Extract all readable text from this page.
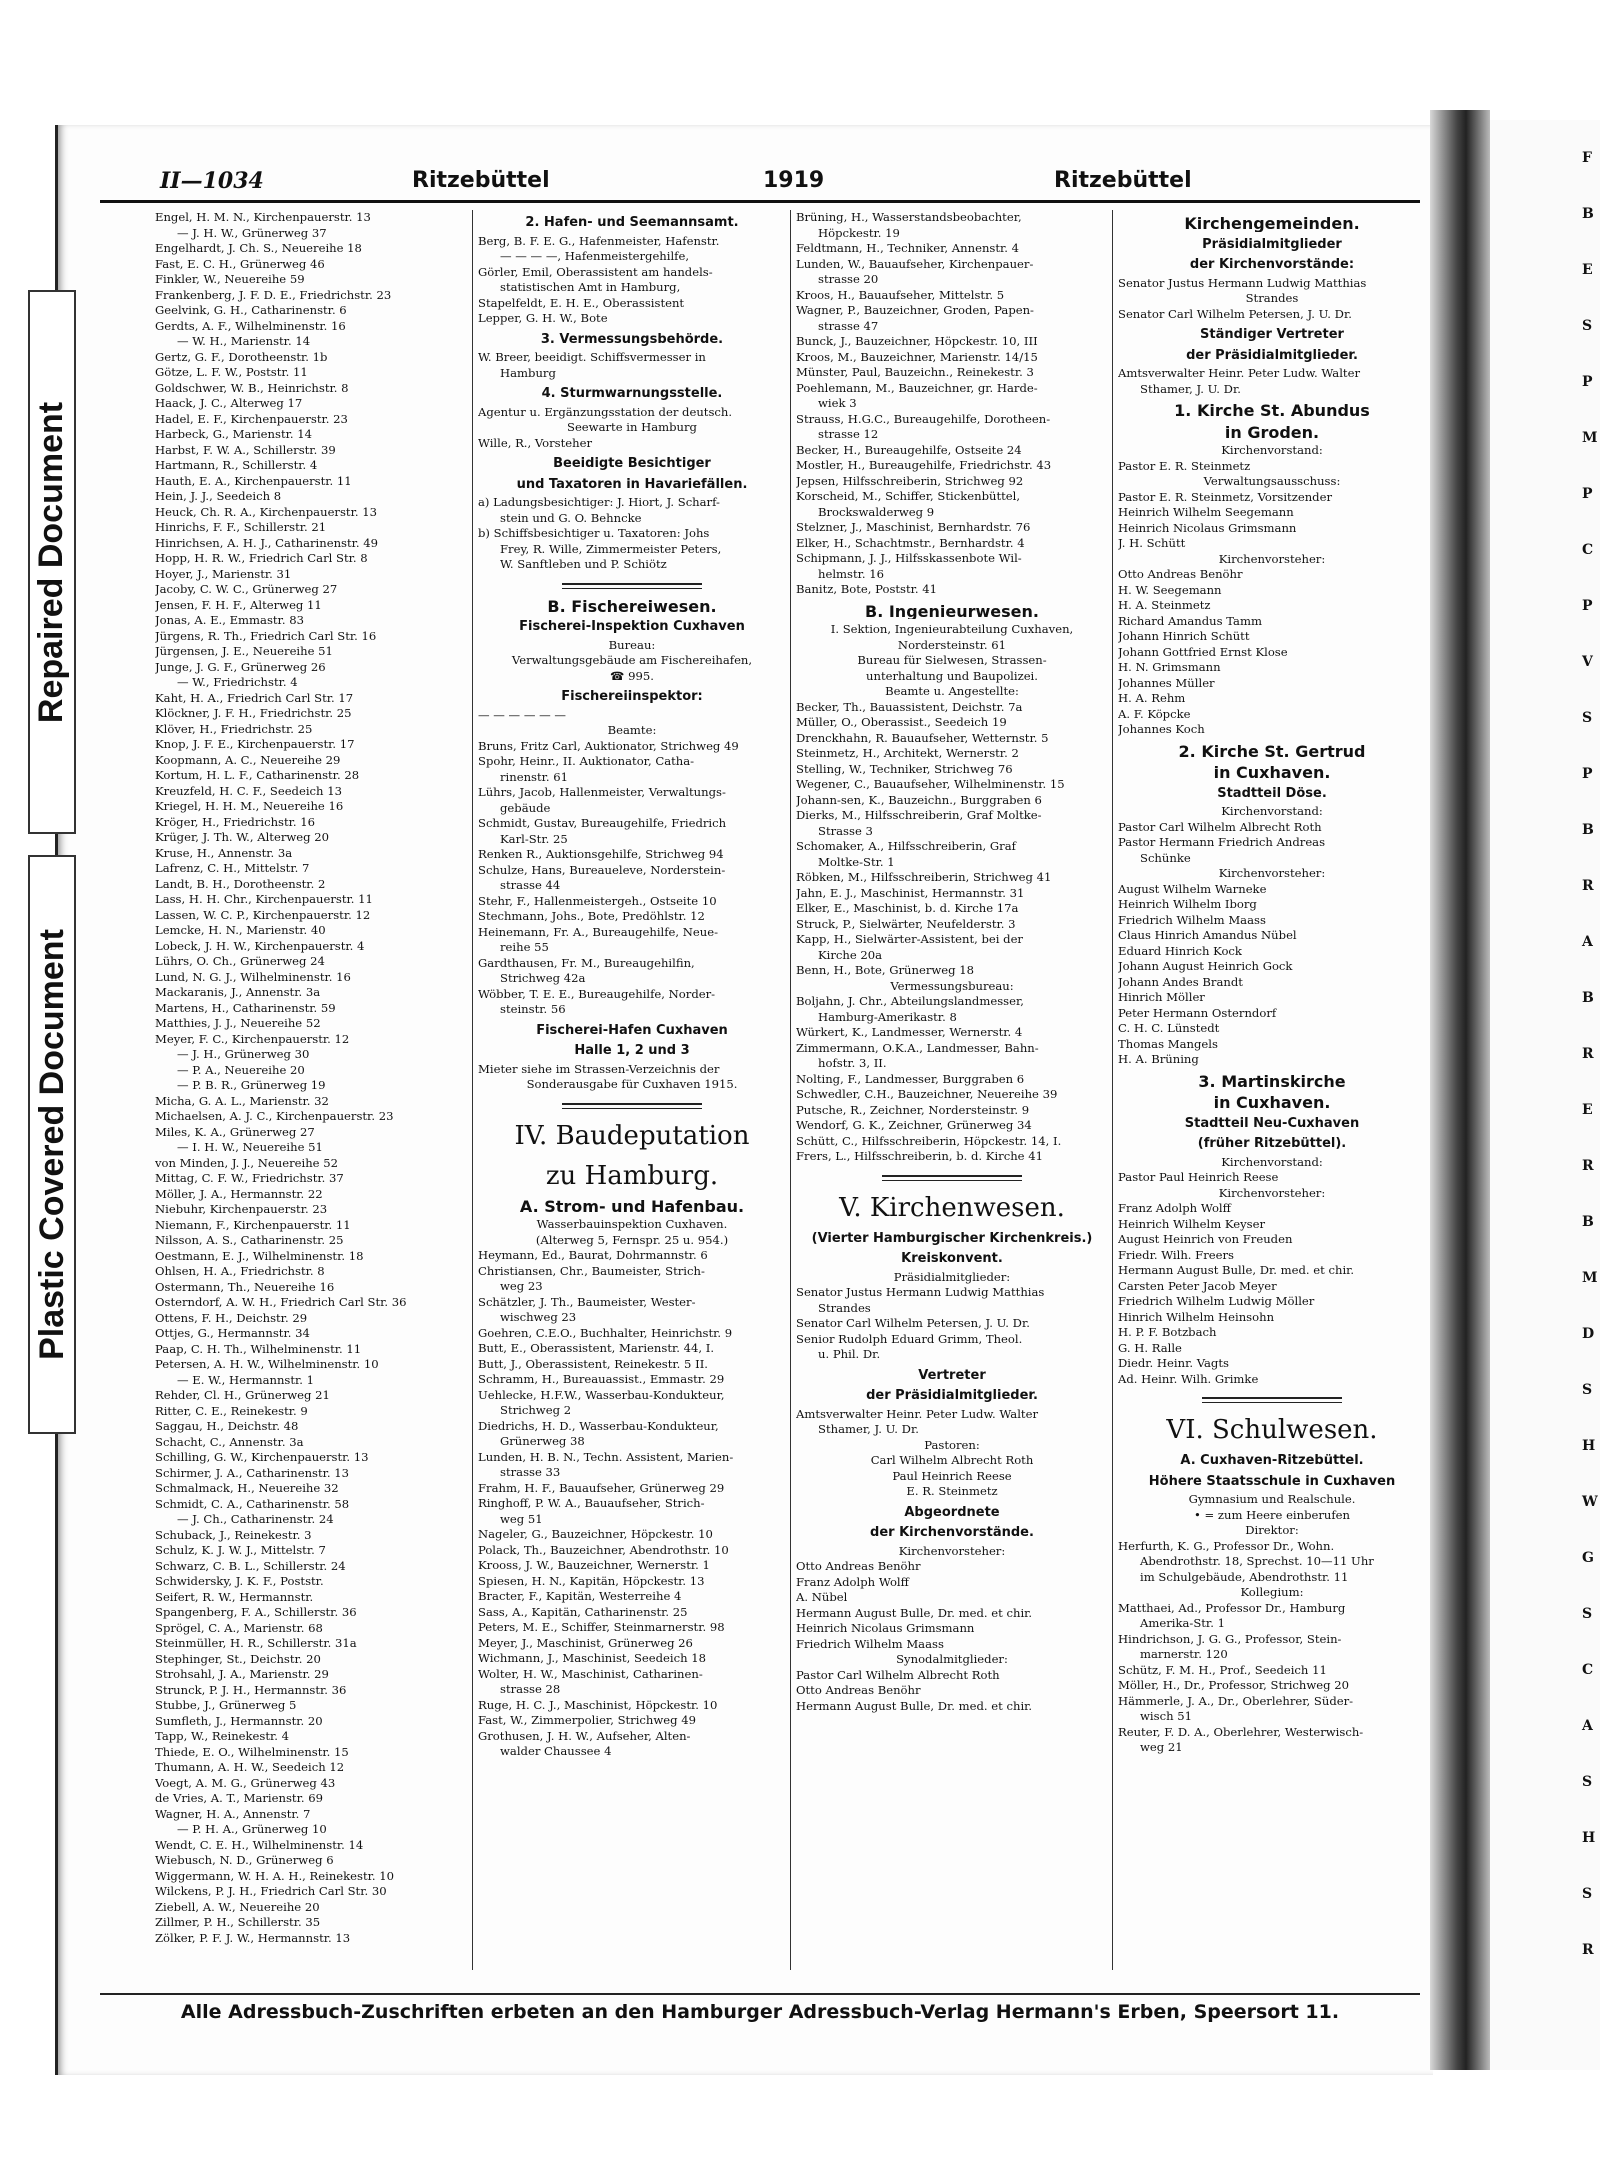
F
B
E
S
P
M
P
C
P
V
S
P
B
R
A
B
R
E
R
B
M
D
S
H
W
G
S
C
A
S
H
S
R
Repaired Document
Plastic Covered Document
II—1034	Ritzebüttel	1919	Ritzebüttel
Engel, H. M. N., Kirchenpauerstr. 13
— J. H. W., Grünerweg 37
Engelhardt, J. Ch. S., Neuereihe 18
Fast, E. C. H., Grünerweg 46
Finkler, W., Neuereihe 59
Frankenberg, J. F. D. E., Friedrichstr. 23
Geelvink, G. H., Catharinenstr. 6
Gerdts, A. F., Wilhelminenstr. 16
— W. H., Marienstr. 14
Gertz, G. F., Dorotheenstr. 1b
Götze, L. F. W., Poststr. 11
Goldschwer, W. B., Heinrichstr. 8
Haack, J. C., Alterweg 17
Hadel, E. F., Kirchenpauerstr. 23
Harbeck, G., Marienstr. 14
Harbst, F. W. A., Schillerstr. 39
Hartmann, R., Schillerstr. 4
Hauth, E. A., Kirchenpauerstr. 11
Hein, J. J., Seedeich 8
Heuck, Ch. R. A., Kirchenpauerstr. 13
Hinrichs, F. F., Schillerstr. 21
Hinrichsen, A. H. J., Catharinenstr. 49
Hopp, H. R. W., Friedrich Carl Str. 8
Hoyer, J., Marienstr. 31
Jacoby, C. W. C., Grünerweg 27
Jensen, F. H. F., Alterweg 11
Jonas, A. E., Emmastr. 83
Jürgens, R. Th., Friedrich Carl Str. 16
Jürgensen, J. E., Neuereihe 51
Junge, J. G. F., Grünerweg 26
— W., Friedrichstr. 4
Kaht, H. A., Friedrich Carl Str. 17
Klöckner, J. F. H., Friedrichstr. 25
Klöver, H., Friedrichstr. 25
Knop, J. F. E., Kirchenpauerstr. 17
Koopmann, A. C., Neuereihe 29
Kortum, H. L. F., Catharinenstr. 28
Kreuzfeld, H. C. F., Seedeich 13
Kriegel, H. H. M., Neuereihe 16
Kröger, H., Friedrichstr. 16
Krüger, J. Th. W., Alterweg 20
Kruse, H., Annenstr. 3a
Lafrenz, C. H., Mittelstr. 7
Landt, B. H., Dorotheenstr. 2
Lass, H. H. Chr., Kirchenpauerstr. 11
Lassen, W. C. P., Kirchenpauerstr. 12
Lemcke, H. N., Marienstr. 40
Lobeck, J. H. W., Kirchenpauerstr. 4
Lührs, O. Ch., Grünerweg 24
Lund, N. G. J., Wilhelminenstr. 16
Mackaranis, J., Annenstr. 3a
Martens, H., Catharinenstr. 59
Matthies, J. J., Neuereihe 52
Meyer, F. C., Kirchenpauerstr. 12
— J. H., Grünerweg 30
— P. A., Neuereihe 20
— P. B. R., Grünerweg 19
Micha, G. A. L., Marienstr. 32
Michaelsen, A. J. C., Kirchenpauerstr. 23
Miles, K. A., Grünerweg 27
— I. H. W., Neuereihe 51
von Minden, J. J., Neuereihe 52
Mittag, C. F. W., Friedrichstr. 37
Möller, J. A., Hermannstr. 22
Niebuhr, Kirchenpauerstr. 23
Niemann, F., Kirchenpauerstr. 11
Nilsson, A. S., Catharinenstr. 25
Oestmann, E. J., Wilhelminenstr. 18
Ohlsen, H. A., Friedrichstr. 8
Ostermann, Th., Neuereihe 16
Osterndorf, A. W. H., Friedrich Carl Str. 36
Ottens, F. H., Deichstr. 29
Ottjes, G., Hermannstr. 34
Paap, C. H. Th., Wilhelminenstr. 11
Petersen, A. H. W., Wilhelminenstr. 10
— E. W., Hermannstr. 1
Rehder, Cl. H., Grünerweg 21
Ritter, C. E., Reinekestr. 9
Saggau, H., Deichstr. 48
Schacht, C., Annenstr. 3a
Schilling, G. W., Kirchenpauerstr. 13
Schirmer, J. A., Catharinenstr. 13
Schmalmack, H., Neuereihe 32
Schmidt, C. A., Catharinenstr. 58
— J. Ch., Catharinenstr. 24
Schuback, J., Reinekestr. 3
Schulz, K. J. W. J., Mittelstr. 7
Schwarz, C. B. L., Schillerstr. 24
Schwidersky, J. K. F., Poststr.
Seifert, R. W., Hermannstr.
Spangenberg, F. A., Schillerstr. 36
Sprögel, C. A., Marienstr. 68
Steinmüller, H. R., Schillerstr. 31a
Stephinger, St., Deichstr. 20
Strohsahl, J. A., Marienstr. 29
Strunck, P. J. H., Hermannstr. 36
Stubbe, J., Grünerweg 5
Sumfleth, J., Hermannstr. 20
Tapp, W., Reinekestr. 4
Thiede, E. O., Wilhelminenstr. 15
Thumann, A. H. W., Seedeich 12
Voegt, A. M. G., Grünerweg 43
de Vries, A. T., Marienstr. 69
Wagner, H. A., Annenstr. 7
— P. H. A., Grünerweg 10
Wendt, C. E. H., Wilhelminenstr. 14
Wiebusch, N. D., Grünerweg 6
Wiggermann, W. H. A. H., Reinekestr. 10
Wilckens, P. J. H., Friedrich Carl Str. 30
Ziebell, A. W., Neuereihe 20
Zillmer, P. H., Schillerstr. 35
Zölker, P. F. J. W., Hermannstr. 13
2. Hafen- und Seemannsamt.
Berg, B. F. E. G., Hafenmeister, Hafenstr.
— — — —, Hafenmeistergehilfe,
Görler, Emil, Oberassistent am handels-
statistischen Amt in Hamburg,
Stapelfeldt, E. H. E., Oberassistent
Lepper, G. H. W., Bote
3. Vermessungsbehörde.
W. Breer, beeidigt. Schiffsvermesser in
Hamburg
4. Sturmwarnungsstelle.
Agentur u. Ergänzungsstation der deutsch.
Seewarte in Hamburg
Wille, R., Vorsteher
Beeidigte Besichtiger
und Taxatoren in Havariefällen.
a) Ladungsbesichtiger: J. Hiort, J. Scharf-
stein und G. O. Behncke
b) Schiffsbesichtiger u. Taxatoren: Johs
Frey, R. Wille, Zimmermeister Peters,
W. Sanftleben und P. Schiötz
B. Fischereiwesen.
Fischerei-Inspektion Cuxhaven
Bureau:
Verwaltungsgebäude am Fischereihafen,
☎ 995.
Fischereiinspektor:
— — — — — —
Beamte:
Bruns, Fritz Carl, Auktionator, Strichweg 49
Spohr, Heinr., II. Auktionator, Catha-
rinenstr. 61
Lührs, Jacob, Hallenmeister, Verwaltungs-
gebäude
Schmidt, Gustav, Bureaugehilfe, Friedrich
Karl-Str. 25
Renken R., Auktionsgehilfe, Strichweg 94
Schulze, Hans, Bureaueleve, Norderstein-
strasse 44
Stehr, F., Hallenmeistergeh., Ostseite 10
Stechmann, Johs., Bote, Predöhlstr. 12
Heinemann, Fr. A., Bureaugehilfe, Neue-
reihe 55
Gardthausen, Fr. M., Bureaugehilfin,
Strichweg 42a
Wöbber, T. E. E., Bureaugehilfe, Norder-
steinstr. 56
Fischerei-Hafen Cuxhaven
Halle 1, 2 und 3
Mieter siehe im Strassen-Verzeichnis der
Sonderausgabe für Cuxhaven 1915.
IV. Baudeputation
zu Hamburg.
A. Strom- und Hafenbau.
Wasserbauinspektion Cuxhaven.
(Alterweg 5, Fernspr. 25 u. 954.)
Heymann, Ed., Baurat, Dohrmannstr. 6
Christiansen, Chr., Baumeister, Strich-
weg 23
Schätzler, J. Th., Baumeister, Wester-
wischweg 23
Goehren, C.E.O., Buchhalter, Heinrichstr. 9
Butt, E., Oberassistent, Marienstr. 44, I.
Butt, J., Oberassistent, Reinekestr. 5 II.
Schramm, H., Bureauassist., Emmastr. 29
Uehlecke, H.F.W., Wasserbau-Kondukteur,
Strichweg 2
Diedrichs, H. D., Wasserbau-Kondukteur,
Grünerweg 38
Lunden, H. B. N., Techn. Assistent, Marien-
strasse 33
Frahm, H. F., Bauaufseher, Grünerweg 29
Ringhoff, P. W. A., Bauaufseher, Strich-
weg 51
Nageler, G., Bauzeichner, Höpckestr. 10
Polack, Th., Bauzeichner, Abendrothstr. 10
Krooss, J. W., Bauzeichner, Wernerstr. 1
Spiesen, H. N., Kapitän, Höpckestr. 13
Bracter, F., Kapitän, Westerreihe 4
Sass, A., Kapitän, Catharinenstr. 25
Peters, M. E., Schiffer, Steinmarnerstr. 98
Meyer, J., Maschinist, Grünerweg 26
Wichmann, J., Maschinist, Seedeich 18
Wolter, H. W., Maschinist, Catharinen-
strasse 28
Ruge, H. C. J., Maschinist, Höpckestr. 10
Fast, W., Zimmerpolier, Strichweg 49
Grothusen, J. H. W., Aufseher, Alten-
walder Chaussee 4
Brüning, H., Wasserstandsbeobachter,
Höpckestr. 19
Feldtmann, H., Techniker, Annenstr. 4
Lunden, W., Bauaufseher, Kirchenpauer-
strasse 20
Kroos, H., Bauaufseher, Mittelstr. 5
Wagner, P., Bauzeichner, Groden, Papen-
strasse 47
Bunck, J., Bauzeichner, Höpckestr. 10, III
Kroos, M., Bauzeichner, Marienstr. 14/15
Münster, Paul, Bauzeichn., Reinekestr. 3
Poehlemann, M., Bauzeichner, gr. Harde-
wiek 3
Strauss, H.G.C., Bureaugehilfe, Dorotheen-
strasse 12
Becker, H., Bureaugehilfe, Ostseite 24
Mostler, H., Bureaugehilfe, Friedrichstr. 43
Jepsen, Hilfsschreiberin, Strichweg 92
Korscheid, M., Schiffer, Stickenbüttel,
Brockswalderweg 9
Stelzner, J., Maschinist, Bernhardstr. 76
Elker, H., Schachtmstr., Bernhardstr. 4
Schipmann, J. J., Hilfsskassenbote Wil-
helmstr. 16
Banitz, Bote, Poststr. 41
B. Ingenieurwesen.
I. Sektion, Ingenieurabteilung Cuxhaven,
Nordersteinstr. 61
Bureau für Sielwesen, Strassen-
unterhaltung und Baupolizei.
Beamte u. Angestellte:
Becker, Th., Bauassistent, Deichstr. 7a
Müller, O., Oberassist., Seedeich 19
Drenckhahn, R. Bauaufseher, Wetternstr. 5
Steinmetz, H., Architekt, Wernerstr. 2
Stelling, W., Techniker, Strichweg 76
Wegener, C., Bauaufseher, Wilhelminenstr. 15
Johann-sen, K., Bauzeichn., Burggraben 6
Dierks, M., Hilfsschreiberin, Graf Moltke-
Strasse 3
Schomaker, A., Hilfsschreiberin, Graf
Moltke-Str. 1
Röbken, M., Hilfsschreiberin, Strichweg 41
Jahn, E. J., Maschinist, Hermannstr. 31
Elker, E., Maschinist, b. d. Kirche 17a
Struck, P., Sielwärter, Neufelderstr. 3
Kapp, H., Sielwärter-Assistent, bei der
Kirche 20a
Benn, H., Bote, Grünerweg 18
Vermessungsbureau:
Boljahn, J. Chr., Abteilungslandmesser,
Hamburg-Amerikastr. 8
Würkert, K., Landmesser, Wernerstr. 4
Zimmermann, O.K.A., Landmesser, Bahn-
hofstr. 3, II.
Nolting, F., Landmesser, Burggraben 6
Schwedler, C.H., Bauzeichner, Neuereihe 39
Putsche, R., Zeichner, Nordersteinstr. 9
Wendorf, G. K., Zeichner, Grünerweg 34
Schütt, C., Hilfsschreiberin, Höpckestr. 14, I.
Frers, L., Hilfsschreiberin, b. d. Kirche 41
V. Kirchenwesen.
(Vierter Hamburgischer Kirchenkreis.)
Kreiskonvent.
Präsidialmitglieder:
Senator Justus Hermann Ludwig Matthias
Strandes
Senator Carl Wilhelm Petersen, J. U. Dr.
Senior Rudolph Eduard Grimm, Theol.
u. Phil. Dr.
Vertreter
der Präsidialmitglieder.
Amtsverwalter Heinr. Peter Ludw. Walter
Sthamer, J. U. Dr.
Pastoren:
Carl Wilhelm Albrecht Roth
Paul Heinrich Reese
E. R. Steinmetz
Abgeordnete
der Kirchenvorstände.
Kirchenvorsteher:
Otto Andreas Benöhr
Franz Adolph Wolff
A. Nübel
Hermann August Bulle, Dr. med. et chir.
Heinrich Nicolaus Grimsmann
Friedrich Wilhelm Maass
Synodalmitglieder:
Pastor Carl Wilhelm Albrecht Roth
Otto Andreas Benöhr
Hermann August Bulle, Dr. med. et chir.
Kirchengemeinden.
Präsidialmitglieder
der Kirchenvorstände:
Senator Justus Hermann Ludwig Matthias
Strandes
Senator Carl Wilhelm Petersen, J. U. Dr.
Ständiger Vertreter
der Präsidialmitglieder.
Amtsverwalter Heinr. Peter Ludw. Walter
Sthamer, J. U. Dr.
1. Kirche St. Abundus
in Groden.
Kirchenvorstand:
Pastor E. R. Steinmetz
Verwaltungsausschuss:
Pastor E. R. Steinmetz, Vorsitzender
Heinrich Wilhelm Seegemann
Heinrich Nicolaus Grimsmann
J. H. Schütt
Kirchenvorsteher:
Otto Andreas Benöhr
H. W. Seegemann
H. A. Steinmetz
Richard Amandus Tamm
Johann Hinrich Schütt
Johann Gottfried Ernst Klose
H. N. Grimsmann
Johannes Müller
H. A. Rehm
A. F. Köpcke
Johannes Koch
2. Kirche St. Gertrud
in Cuxhaven.
Stadtteil Döse.
Kirchenvorstand:
Pastor Carl Wilhelm Albrecht Roth
Pastor Hermann Friedrich Andreas
Schünke
Kirchenvorsteher:
August Wilhelm Warneke
Heinrich Wilhelm Iborg
Friedrich Wilhelm Maass
Claus Hinrich Amandus Nübel
Eduard Hinrich Kock
Johann August Heinrich Gock
Johann Andes Brandt
Hinrich Möller
Peter Hermann Osterndorf
C. H. C. Lünstedt
Thomas Mangels
H. A. Brüning
3. Martinskirche
in Cuxhaven.
Stadtteil Neu-Cuxhaven
(früher Ritzebüttel).
Kirchenvorstand:
Pastor Paul Heinrich Reese
Kirchenvorsteher:
Franz Adolph Wolff
Heinrich Wilhelm Keyser
August Heinrich von Freuden
Friedr. Wilh. Freers
Hermann August Bulle, Dr. med. et chir.
Carsten Peter Jacob Meyer
Friedrich Wilhelm Ludwig Möller
Hinrich Wilhelm Heinsohn
H. P. F. Botzbach
G. H. Ralle
Diedr. Heinr. Vagts
Ad. Heinr. Wilh. Grimke
VI. Schulwesen.
A. Cuxhaven-Ritzebüttel.
Höhere Staatsschule in Cuxhaven
Gymnasium und Realschule.
• = zum Heere einberufen
Direktor:
Herfurth, K. G., Professor Dr., Wohn.
Abendrothstr. 18, Sprechst. 10—11 Uhr
im Schulgebäude, Abendrothstr. 11
Kollegium:
Matthaei, Ad., Professor Dr., Hamburg
Amerika-Str. 1
Hindrichson, J. G. G., Professor, Stein-
marnerstr. 120
Schütz, F. M. H., Prof., Seedeich 11
Möller, H., Dr., Professor, Strichweg 20
Hämmerle, J. A., Dr., Oberlehrer, Süder-
wisch 51
Reuter, F. D. A., Oberlehrer, Westerwisch-
weg 21
Alle Adressbuch-Zuschriften erbeten an den Hamburger Adressbuch-Verlag Hermann's Erben, Speersort 11.
